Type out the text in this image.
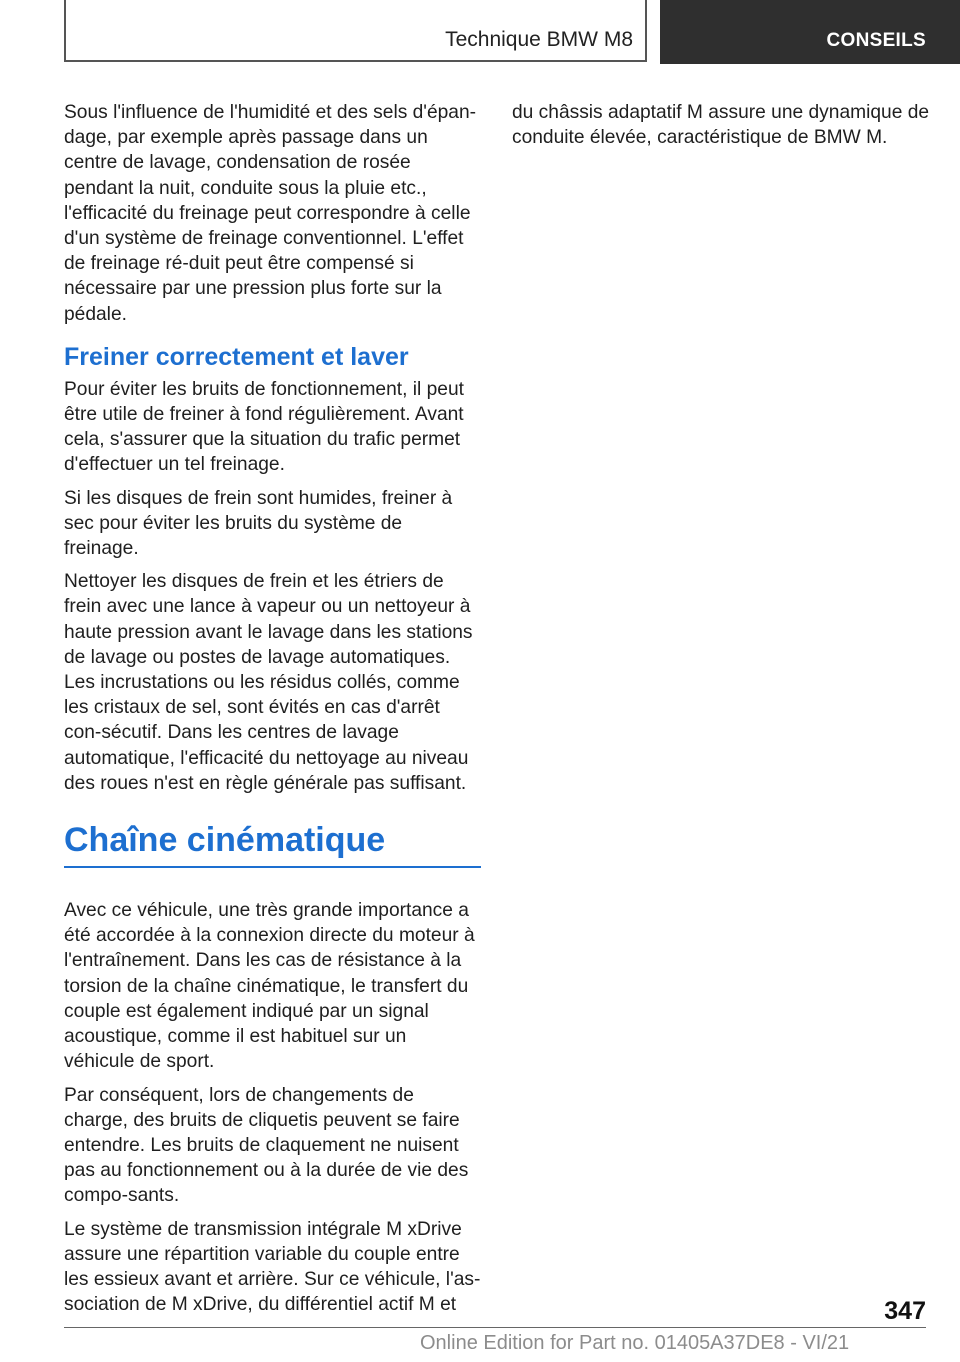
Technique BMW M8	CONSEILS

Sous l'influence de l'humidité et des sels d'épan-dage, par exemple après passage dans un centre de lavage, condensation de rosée pendant la nuit, conduite sous la pluie etc., l'efficacité du freinage peut correspondre à celle d'un système de freinage conventionnel. L'effet de freinage ré-duit peut être compensé si nécessaire par une pression plus forte sur la pédale.

Freiner correctement et laver

Pour éviter les bruits de fonctionnement, il peut être utile de freiner à fond régulièrement. Avant cela, s'assurer que la situation du trafic permet d'effectuer un tel freinage.

Si les disques de frein sont humides, freiner à sec pour éviter les bruits du système de freinage.

Nettoyer les disques de frein et les étriers de frein avec une lance à vapeur ou un nettoyeur à haute pression avant le lavage dans les stations de lavage ou postes de lavage automatiques. Les incrustations ou les résidus collés, comme les cristaux de sel, sont évités en cas d'arrêt con-sécutif. Dans les centres de lavage automatique, l'efficacité du nettoyage au niveau des roues n'est en règle générale pas suffisant.

Chaîne cinématique

Avec ce véhicule, une très grande importance a été accordée à la connexion directe du moteur à l'entraînement. Dans les cas de résistance à la torsion de la chaîne cinématique, le transfert du couple est également indiqué par un signal acoustique, comme il est habituel sur un véhicule de sport.

Par conséquent, lors de changements de charge, des bruits de cliquetis peuvent se faire entendre. Les bruits de claquement ne nuisent pas au fonctionnement ou à la durée de vie des compo-sants.

Le système de transmission intégrale M xDrive assure une répartition variable du couple entre les essieux avant et arrière. Sur ce véhicule, l'as-sociation de M xDrive, du différentiel actif M et

du châssis adaptatif M assure une dynamique de conduite élevée, caractéristique de BMW M.

347
Online Edition for Part no. 01405A37DE8 - VI/21
